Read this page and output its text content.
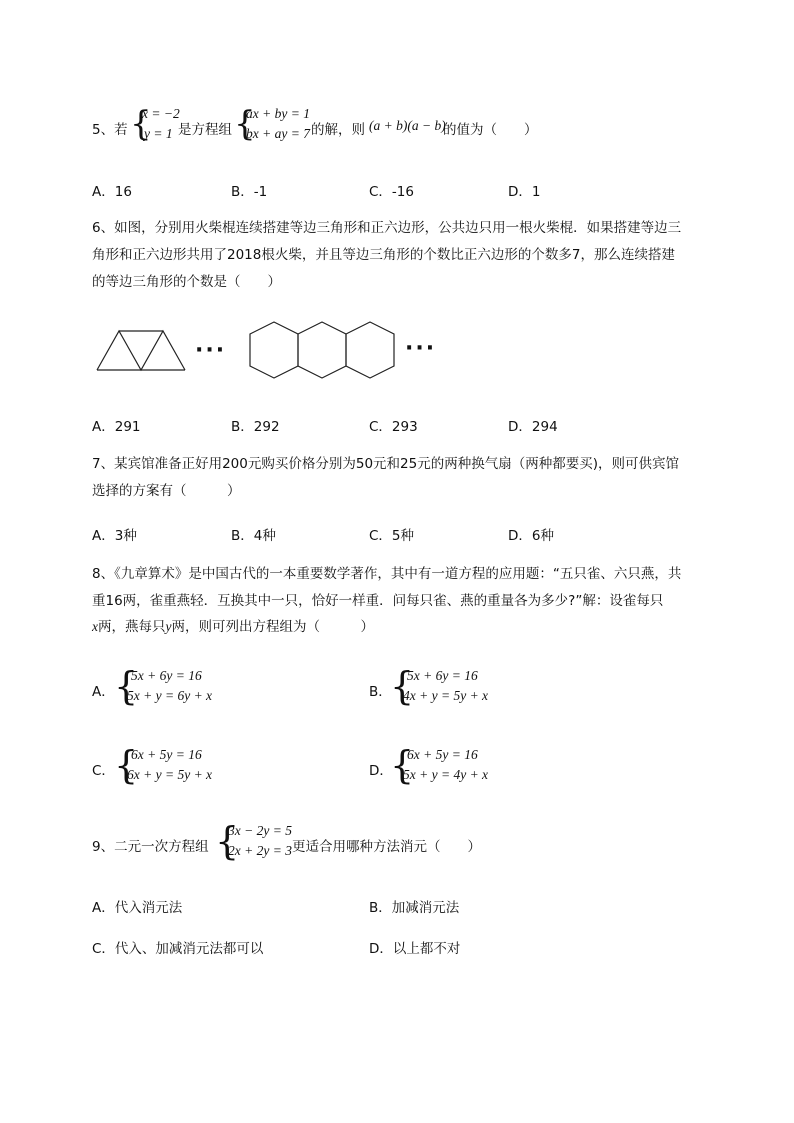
5、若 {
x = −2
y = 1 是方程组 {
ax + by = 1
bx + ay = 7 的解，则 (a + b)(a − b)
的值为（　　）
A．16	B．-1	C．-16	D．1
6、如图，分别用火柴棍连续搭建等边三角形和正六边形，公共边只用一根火柴棍．如果搭建等边三
角形和正六边形共用了2018根火柴，并且等边三角形的个数比正六边形的个数多7，那么连续搭建
的等边三角形的个数是（　　）
···	···
A．291	B．292	C．293	D．294
7、某宾馆准备正好用200元购买价格分别为50元和25元的两种换气扇（两种都要买)，则可供宾馆
选择的方案有（　　　）
A．3种	B．4种	C．5种	D．6种
8、《九章算术》是中国古代的一本重要数学著作，其中有一道方程的应用题：“五只雀、六只燕，共
重16两，雀重燕轻．互换其中一只，恰好一样重．问每只雀、燕的重量各为多少?”解：设雀每只
x两，燕每只y两，则可列出方程组为（　　　）
A． {
5x + 6y = 16
5x + y = 6y + x	B．
{
5x + 6y = 16
4x + y = 5y + x
C． {
6x + 5y = 16
6x + y = 5y + x	D．
{
6x + 5y = 16
5x + y = 4y + x
9、二元一次方程组 {
3x − 2y = 5
2x + 2y = 3 更适合用哪种方法消元（　　）
A．代入消元法	B．加减消元法
C．代入、加减消元法都可以	D．以上都不对
